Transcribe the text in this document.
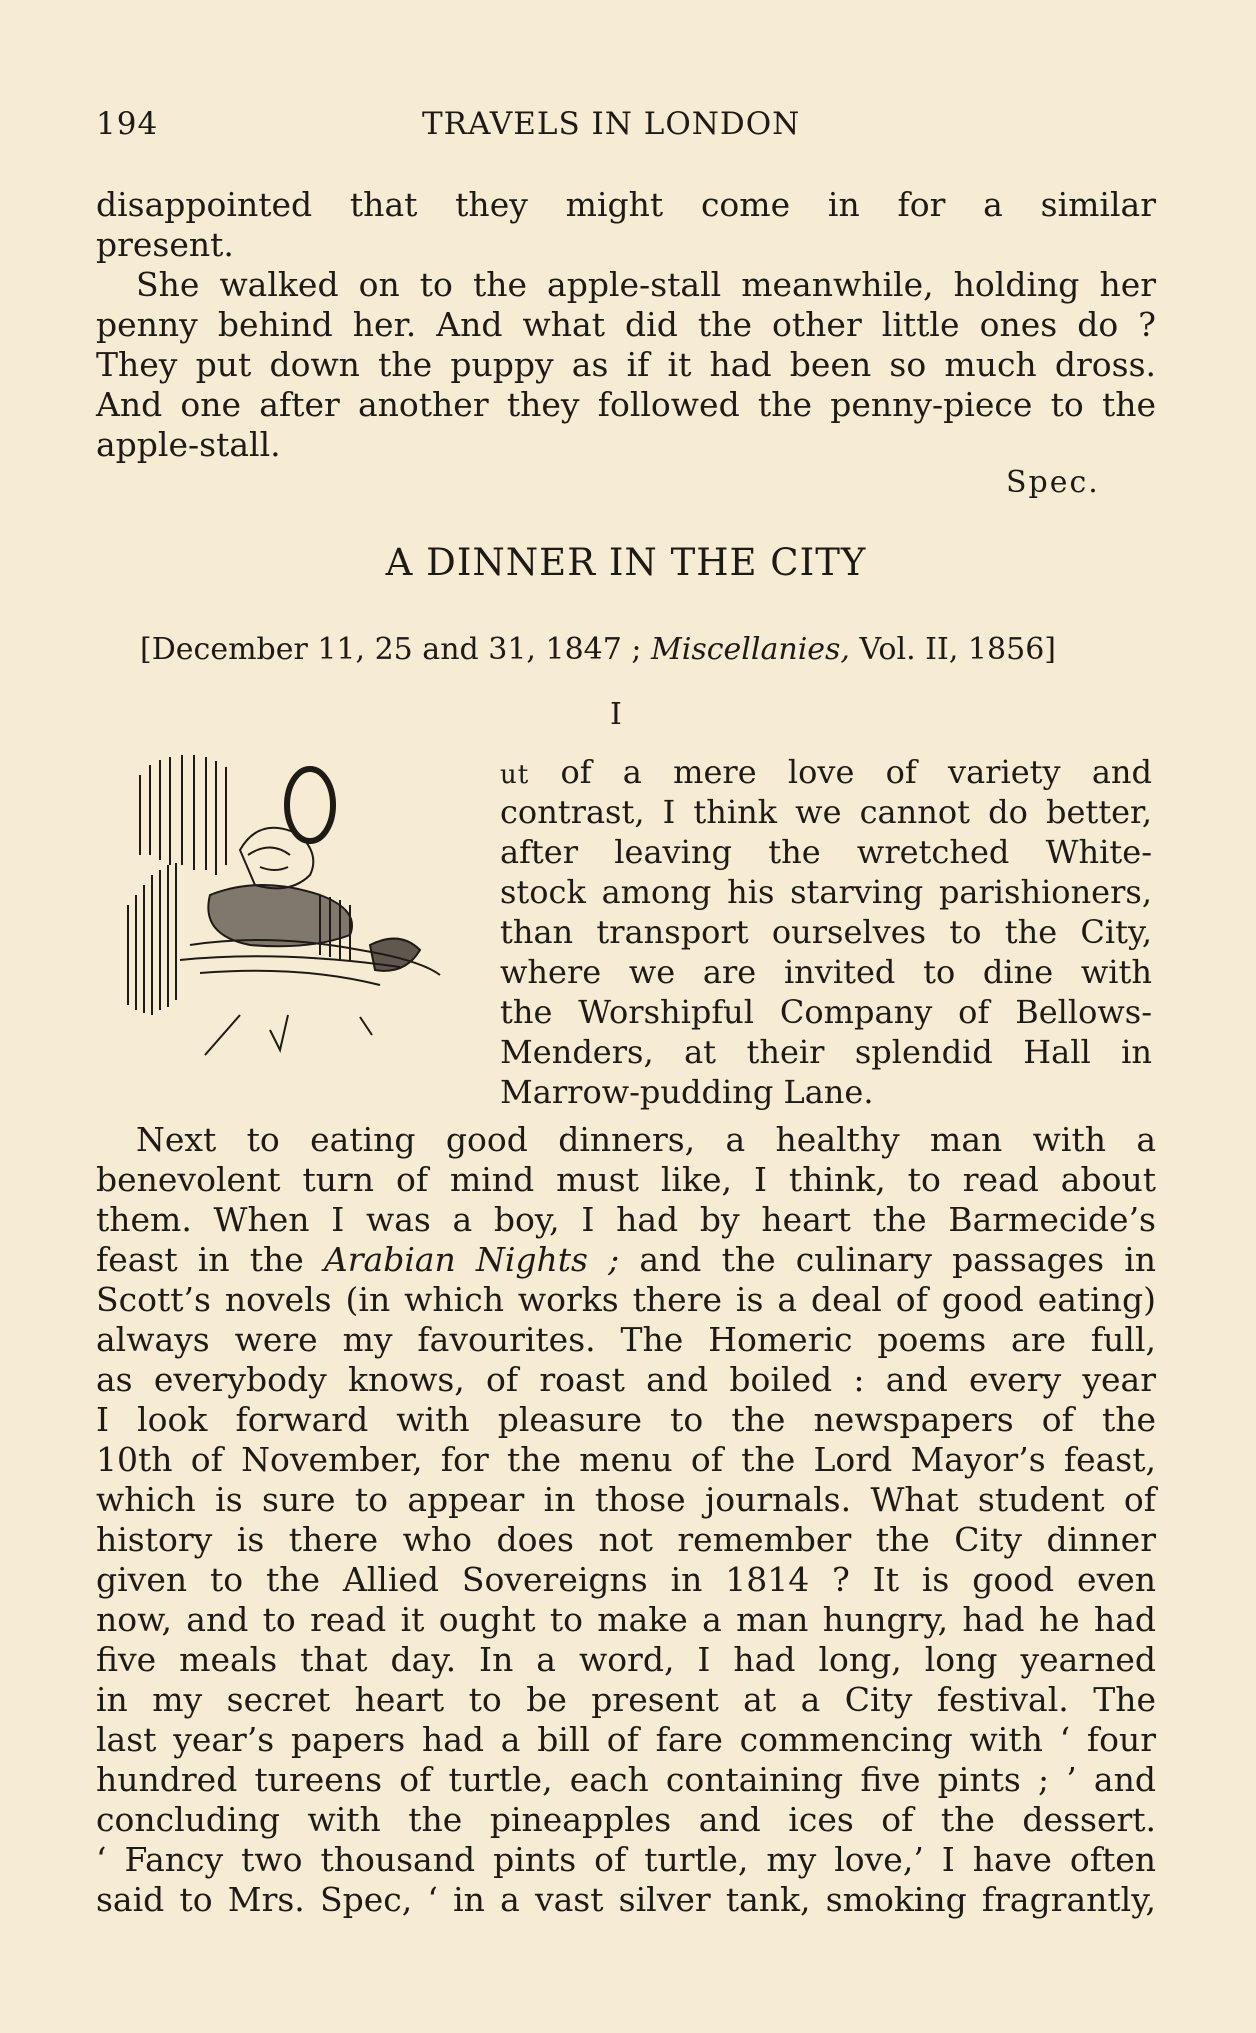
194	TRAVELS IN LONDON
disappointed that they might come in for a similar
present.
She walked on to the apple-stall meanwhile, holding her
penny behind her. And what did the other little ones do ?
They put down the puppy as if it had been so much dross.
And one after another they followed the penny-piece to the
apple-stall.
Spec.
A DINNER IN THE CITY
[December 11, 25 and 31, 1847 ; Miscellanies, Vol. II, 1856]
I
ut of a mere love of variety and
contrast, I think we cannot do better,
after leaving the wretched White-
stock among his starving parishioners,
than transport ourselves to the City,
where we are invited to dine with
the Worshipful Company of Bellows-
Menders, at their splendid Hall in
Marrow-pudding Lane.
Next to eating good dinners, a healthy man with a
benevolent turn of mind must like, I think, to read about
them. When I was a boy, I had by heart the Barmecide’s
feast in the Arabian Nights ; and the culinary passages in
Scott’s novels (in which works there is a deal of good eating)
always were my favourites. The Homeric poems are full,
as everybody knows, of roast and boiled : and every year
I look forward with pleasure to the newspapers of the
10th of November, for the menu of the Lord Mayor’s feast,
which is sure to appear in those journals. What student of
history is there who does not remember the City dinner
given to the Allied Sovereigns in 1814 ? It is good even
now, and to read it ought to make a man hungry, had he had
five meals that day. In a word, I had long, long yearned
in my secret heart to be present at a City festival. The
last year’s papers had a bill of fare commencing with ‘ four
hundred tureens of turtle, each containing five pints ; ’ and
concluding with the pineapples and ices of the dessert.
‘ Fancy two thousand pints of turtle, my love,’ I have often
said to Mrs. Spec, ‘ in a vast silver tank, smoking fragrantly,
